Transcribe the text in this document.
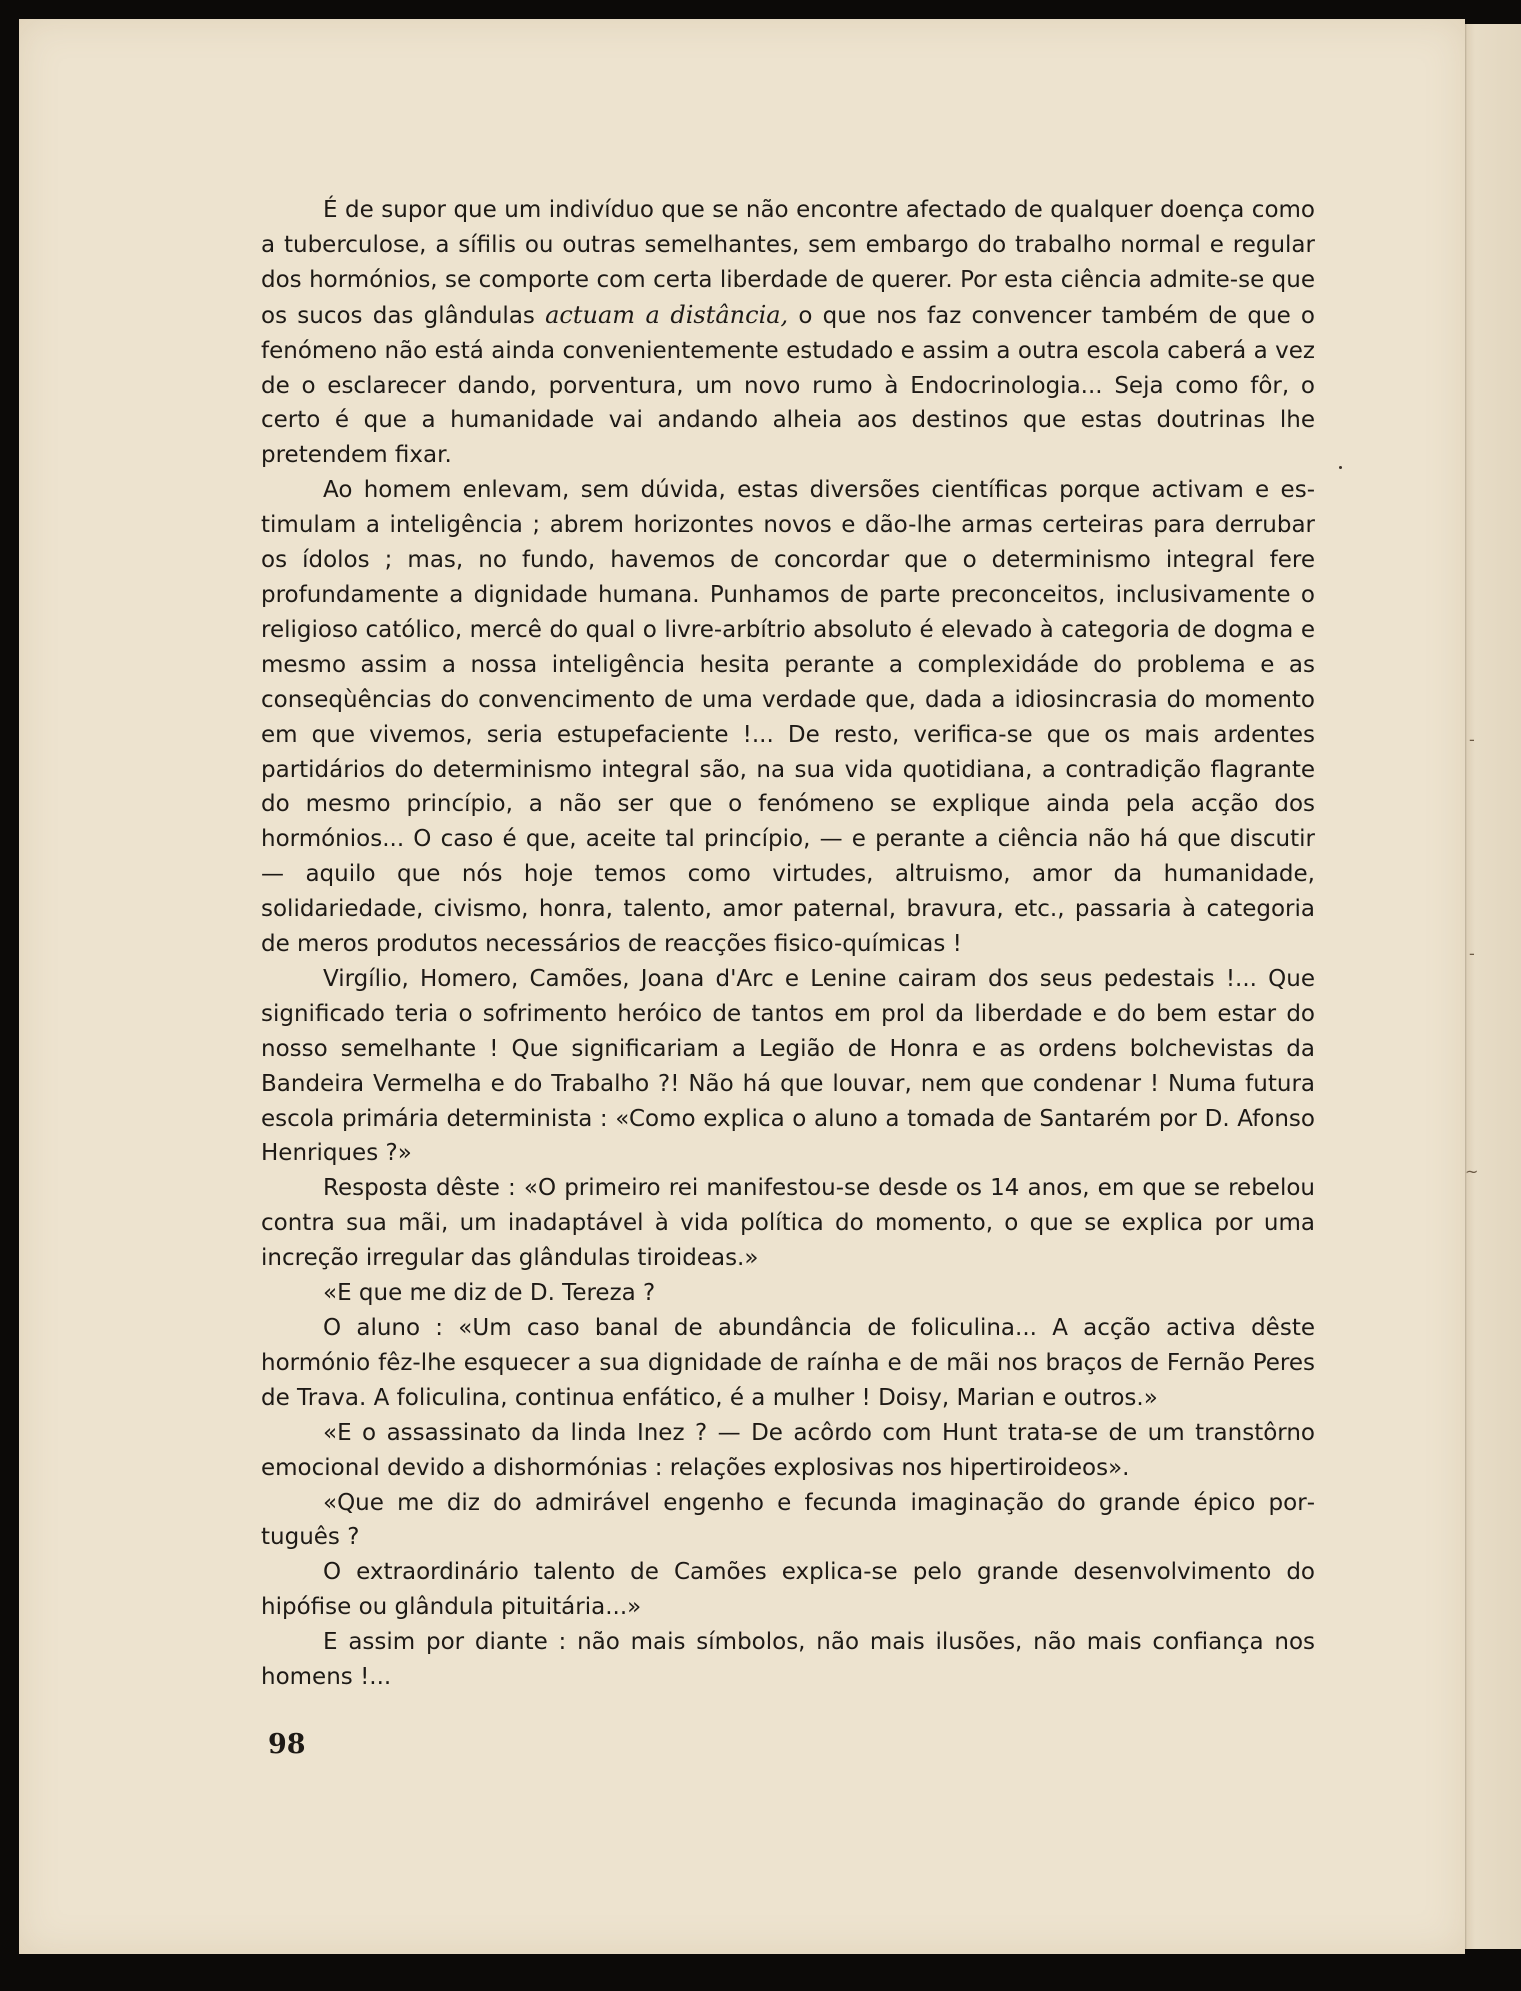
-
-
~

É de supor que um indivíduo que se não encontre afectado de qualquer doença como a tuberculose, a sífilis ou outras semelhantes, sem embargo do trabalho normal e regular dos hormónios, se comporte com certa liberdade de querer. Por esta ciência admite-se que os sucos das glândulas actuam a distância, o que nos faz convencer também de que o fenómeno não está ainda convenientemente estudado e assim a outra escola caberá a vez de o esclarecer dando, porventura, um novo rumo à Endocrinologia... Seja como fôr, o certo é que a humanidade vai andando alheia aos destinos que estas doutrinas lhe pretendem fixar.

Ao homem enlevam, sem dúvida, estas diversões científicas porque activam e estimulam a inteligência ; abrem horizontes novos e dão-lhe armas certeiras para derrubar os ídolos ; mas, no fundo, havemos de concordar que o determinismo integral fere profundamente a dignidade humana. Punhamos de parte preconceitos, inclusivamente o religioso católico, mercê do qual o livre-arbítrio absoluto é elevado à categoria de dogma e mesmo assim a nossa inteligência hesita perante a complexidáde do problema e as conseqùências do convencimento de uma verdade que, dada a idiosincrasia do momento em que vivemos, seria estupefaciente !... De resto, verifica-se que os mais ardentes partidários do determinismo integral são, na sua vida quotidiana, a contradição flagrante do mesmo princípio, a não ser que o fenómeno se explique ainda pela acção dos hormónios... O caso é que, aceite tal princípio, — e perante a ciência não há que discutir — aquilo que nós hoje temos como virtudes, altruismo, amor da humanidade, solidariedade, civismo, honra, talento, amor paternal, bravura, etc., passaria à categoria de meros produtos necessários de reacções fisico-químicas !

Virgílio, Homero, Camões, Joana d'Arc e Lenine cairam dos seus pedestais !... Que significado teria o sofrimento heróico de tantos em prol da liberdade e do bem estar do nosso semelhante ! Que significariam a Legião de Honra e as ordens bolchevistas da Bandeira Vermelha e do Trabalho ?! Não há que louvar, nem que condenar ! Numa futura escola primária determinista : «Como explica o aluno a tomada de Santarém por D. Afonso Henriques ?»

Resposta dêste : «O primeiro rei manifestou-se desde os 14 anos, em que se rebelou contra sua mãi, um inadaptável à vida política do momento, o que se explica por uma increção irregular das glândulas tiroideas.»

«E que me diz de D. Tereza ?

O aluno : «Um caso banal de abundância de foliculina... A acção activa dêste hormónio fêz-lhe esquecer a sua dignidade de raínha e de mãi nos braços de Fernão Peres de Trava. A foliculina, continua enfático, é a mulher ! Doisy, Marian e outros.»

«E o assassinato da linda Inez ? — De acôrdo com Hunt trata-se de um transtôrno emocional devido a dishormónias : relações explosivas nos hipertiroideos».

«Que me diz do admirável engenho e fecunda imaginação do grande épico português ?

O extraordinário talento de Camões explica-se pelo grande desenvolvimento do hipófise ou glândula pituitária...»

E assim por diante : não mais símbolos, não mais ilusões, não mais confiança nos homens !...

98
